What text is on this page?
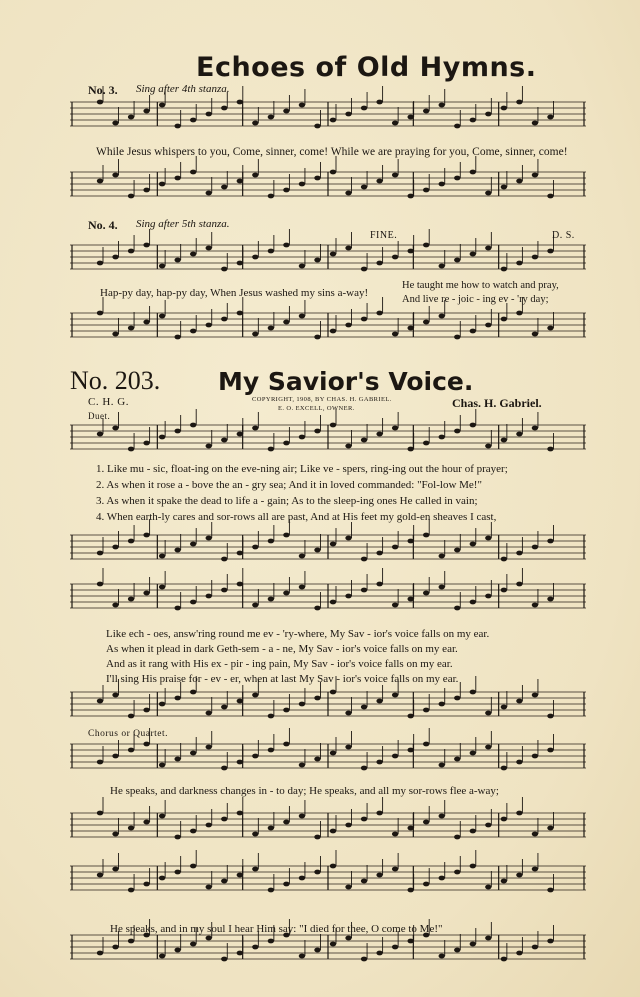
Echoes of Old Hymns.
No. 3. Sing after 4th stanza.
While Jesus whispers to you, Come, sinner, come! While we are praying for you, Come, sinner, come!
No. 4. Sing after 5th stanza.
FINE.	D. S.
Hap-py day, hap-py day, When Jesus washed my sins a-way!
He taught me how to watch and pray,
And live re - joic - ing ev - 'ry day;
No. 203. My Savior's Voice.
C. H. G.	COPYRIGHT, 1908, BY CHAS. H. GABRIEL.
E. O. EXCELL, OWNER.	Chas. H. Gabriel.
Duet.
1. Like mu - sic, float-ing on the eve-ning air; Like ve - spers, ring-ing out the hour of prayer;
2. As when it rose a - bove the an - gry sea; And it in loved commanded: "Fol-low Me!"
3. As when it spake the dead to life a - gain; As to the sleep-ing ones He called in vain;
4. When earth-ly cares and sor-rows all are past, And at His feet my gold-en sheaves I cast,
Like ech - oes, answ'ring round me ev - 'ry-where, My Sav - ior's voice falls on my ear.
As when it plead in dark Geth-sem - a - ne, My Sav - ior's voice falls on my ear.
And as it rang with His ex - pir - ing pain, My Sav - ior's voice falls on my ear.
I'll sing His praise for - ev - er, when at last My Sav - ior's voice falls on my ear.
Chorus or Quartet.
He speaks, and darkness changes in - to day; He speaks, and all my sor-rows flee a-way;
He speaks, and in my soul I hear Him say: "I died for thee, O come to Me!"
